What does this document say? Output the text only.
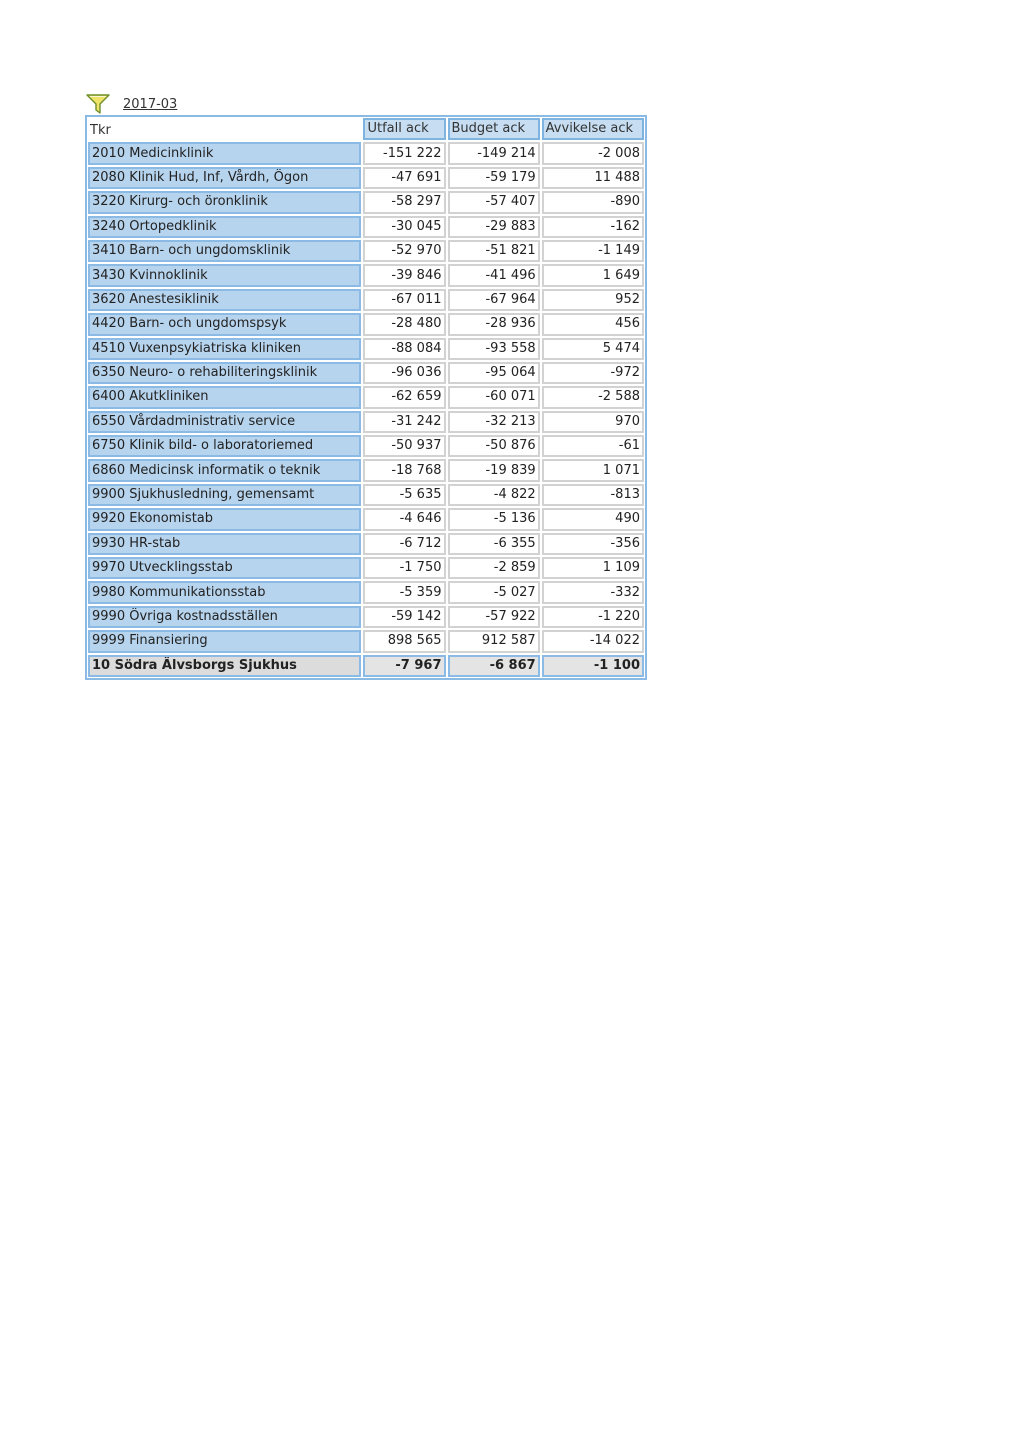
2017-03
Tkr	Utfall ack	Budget ack	Avvikelse ack
2010 Medicinklinik	-151 222	-149 214	-2 008
2080 Klinik Hud, Inf, Vårdh, Ögon	-47 691	-59 179	11 488
3220 Kirurg- och öronklinik	-58 297	-57 407	-890
3240 Ortopedklinik	-30 045	-29 883	-162
3410 Barn- och ungdomsklinik	-52 970	-51 821	-1 149
3430 Kvinnoklinik	-39 846	-41 496	1 649
3620 Anestesiklinik	-67 011	-67 964	952
4420 Barn- och ungdomspsyk	-28 480	-28 936	456
4510 Vuxenpsykiatriska kliniken	-88 084	-93 558	5 474
6350 Neuro- o rehabiliteringsklinik	-96 036	-95 064	-972
6400 Akutkliniken	-62 659	-60 071	-2 588
6550 Vårdadministrativ service	-31 242	-32 213	970
6750 Klinik bild- o laboratoriemed	-50 937	-50 876	-61
6860 Medicinsk informatik o teknik	-18 768	-19 839	1 071
9900 Sjukhusledning, gemensamt	-5 635	-4 822	-813
9920 Ekonomistab	-4 646	-5 136	490
9930 HR-stab	-6 712	-6 355	-356
9970 Utvecklingsstab	-1 750	-2 859	1 109
9980 Kommunikationsstab	-5 359	-5 027	-332
9990 Övriga kostnadsställen	-59 142	-57 922	-1 220
9999 Finansiering	898 565	912 587	-14 022
10 Södra Älvsborgs Sjukhus	-7 967	-6 867	-1 100
